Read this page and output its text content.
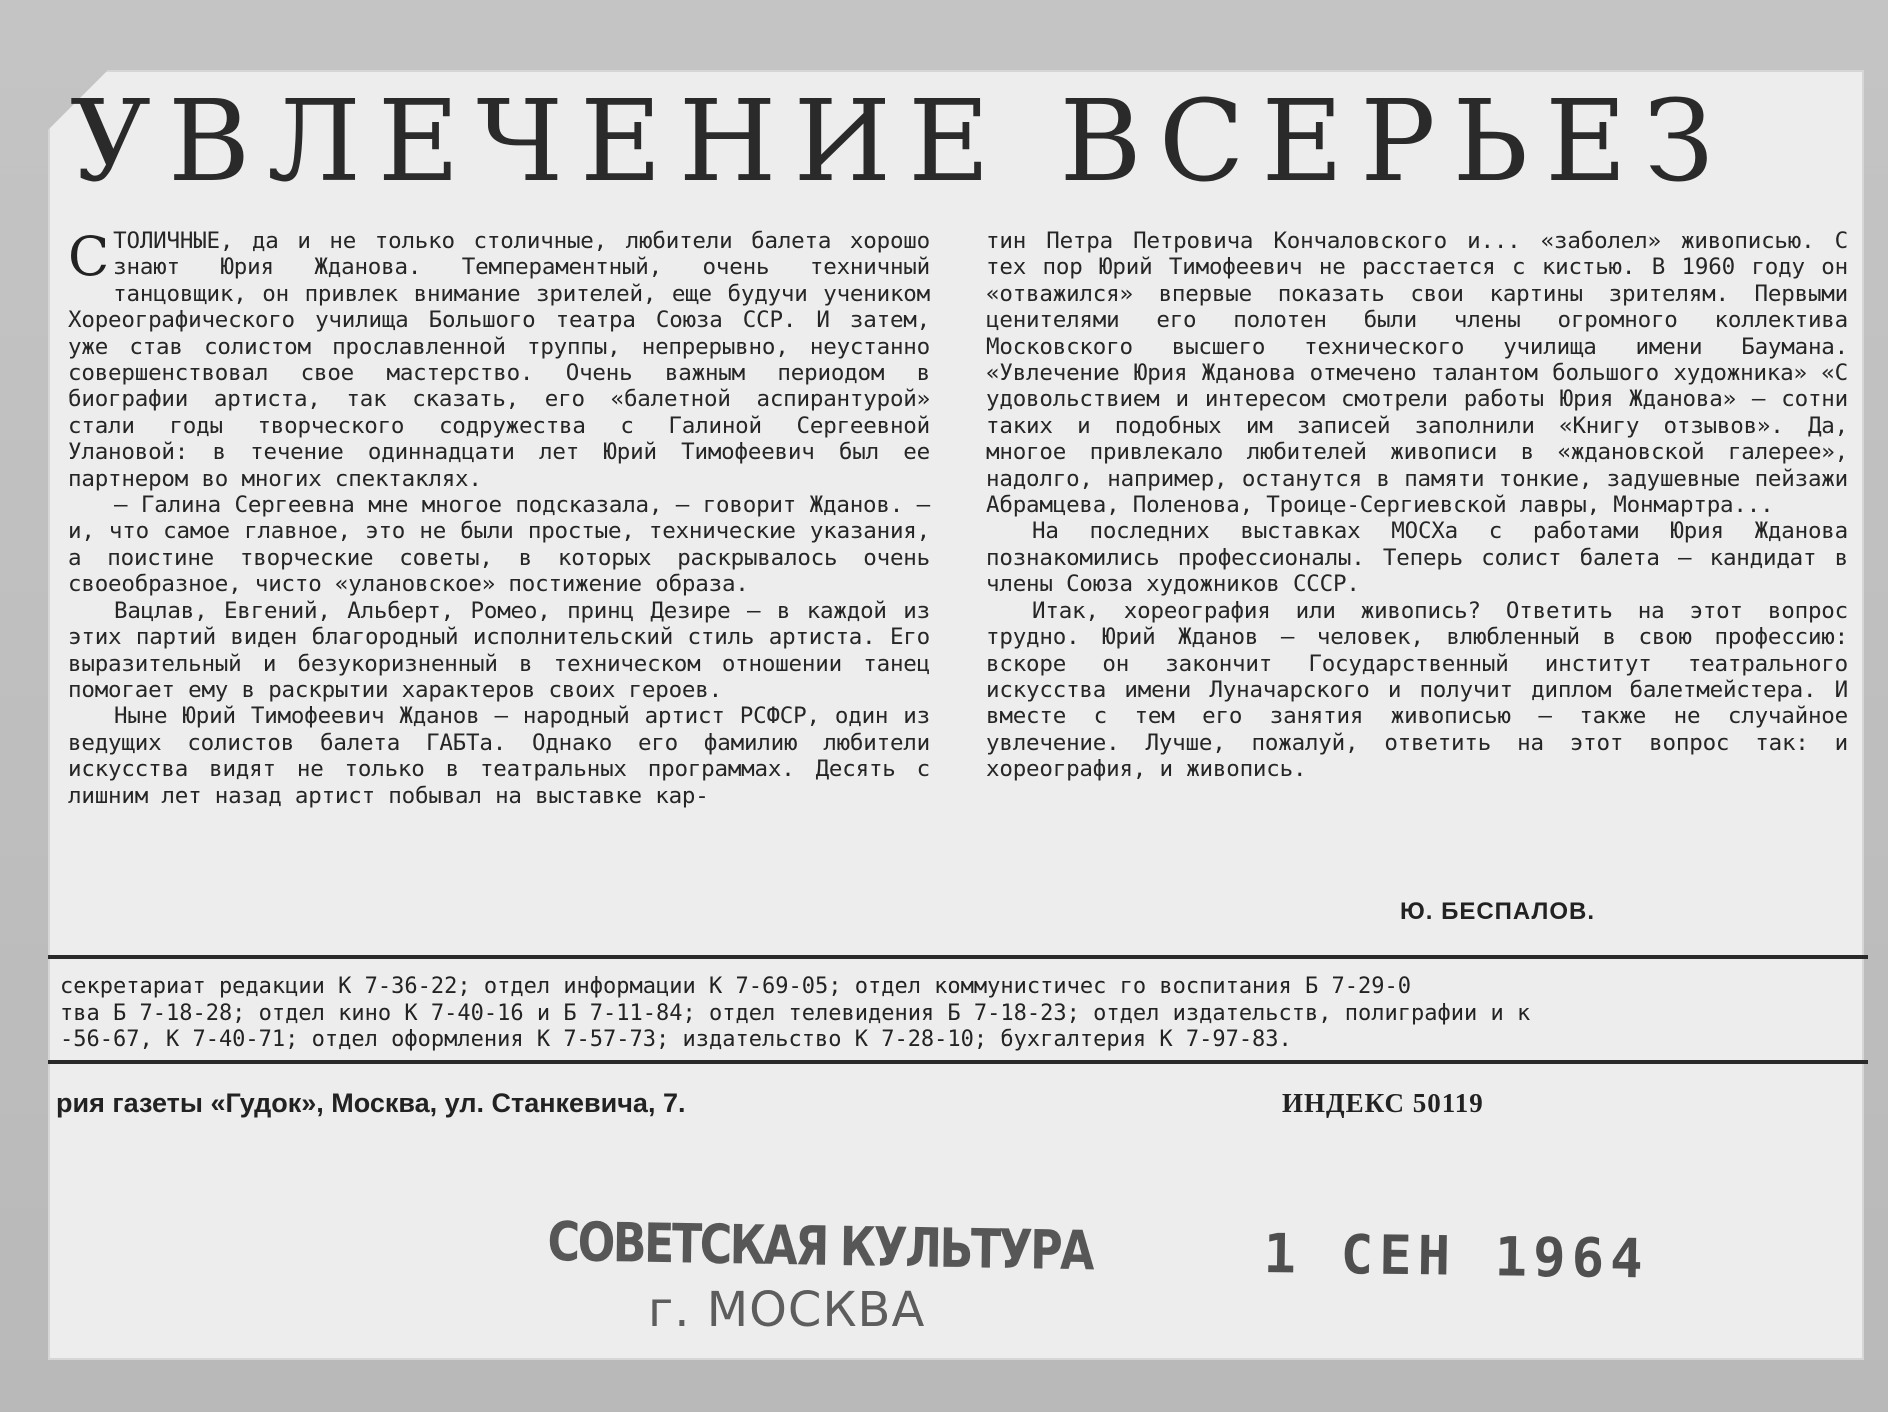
УВЛЕЧЕНИЕ ВСЕРЬЕЗ

СТОЛИЧНЫЕ, да и не только столичные, любители балета хорошо знают Юрия Жданова. Темпераментный, очень техничный танцовщик, он привлек внимание зрителей, еще будучи учеником Хореографического училища Большого театра Союза ССР. И затем, уже став солистом прославленной труппы, непрерывно, неустанно совершенствовал свое мастерство. Очень важным периодом в биографии артиста, так сказать, его «балетной аспирантурой» стали годы творческого содружества с Галиной Сергеевной Улановой: в течение одиннадцати лет Юрий Тимофеевич был ее партнером во многих спектаклях.

— Галина Сергеевна мне многое подсказала, — говорит Жданов. — и, что самое главное, это не были простые, технические указания, а поистине творческие советы, в которых раскрывалось очень своеобразное, чисто «улановское» постижение образа.

Вацлав, Евгений, Альберт, Ромео, принц Дезире — в каждой из этих партий виден благородный исполнительский стиль артиста. Его выразительный и безукоризненный в техническом отношении танец помогает ему в раскрытии характеров своих героев.

Ныне Юрий Тимофеевич Жданов — народный артист РСФСР, один из ведущих солистов балета ГАБТа. Однако его фамилию любители искусства видят не только в театральных программах. Десять с лишним лет назад артист побывал на выставке кар-

тин Петра Петровича Кончаловского и... «заболел» живописью. С тех пор Юрий Тимофеевич не расстается с кистью. В 1960 году он «отважился» впервые показать свои картины зрителям. Первыми ценителями его полотен были члены огромного коллектива Московского высшего технического училища имени Баумана. «Увлечение Юрия Жданова отмечено талантом большого художника» «С удовольствием и интересом смотрели работы Юрия Жданова» — сотни таких и подобных им записей заполнили «Книгу отзывов». Да, многое привлекало любителей живописи в «ждановской галерее», надолго, например, останутся в памяти тонкие, задушевные пейзажи Абрамцева, Поленова, Троице-Сергиевской лавры, Монмартра...

На последних выставках МОСХа с работами Юрия Жданова познакомились профессионалы. Теперь солист балета — кандидат в члены Союза художников СССР.

Итак, хореография или живопись? Ответить на этот вопрос трудно. Юрий Жданов — человек, влюбленный в свою профессию: вскоре он закончит Государственный институт театрального искусства имени Луначарского и получит диплом балетмейстера. И вместе с тем его занятия живописью — также не случайное увлечение. Лучше, пожалуй, ответить на этот вопрос так: и хореография, и живопись.

Ю. БЕСПАЛОВ.
секретариат редакции К 7-36-22; отдел информации К 7-69-05; отдел коммунистичес го воспитания Б 7-29-0
тва Б 7-18-28; отдел кино К 7-40-16 и Б 7-11-84; отдел телевидения Б 7-18-23; отдел издательств, полиграфии и к
-56-67, К 7-40-71; отдел оформления К 7-57-73; издательство К 7-28-10; бухгалтерия К 7-97-83.
рия газеты «Гудок», Москва, ул. Станкевича, 7.	ИНДЕКС 50119
СОВЕТСКАЯ КУЛЬТУРА
г. МОСКВА
1 СЕН 1964
